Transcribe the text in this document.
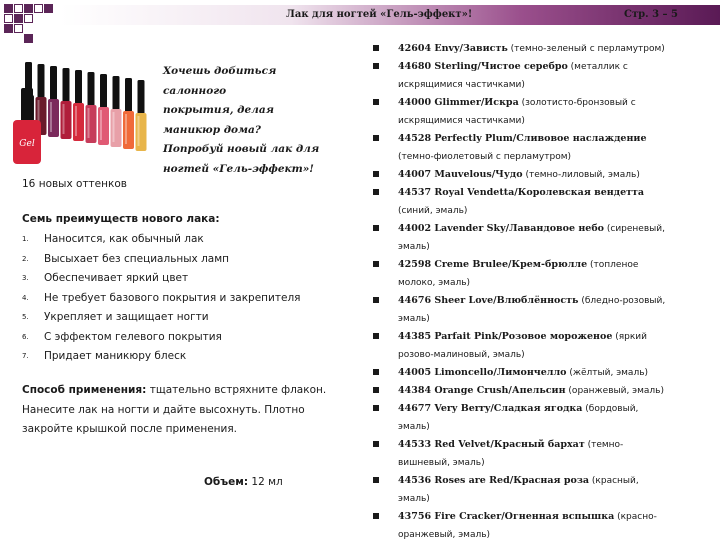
Лак для ногтей «Гель-эффект»!	Стр. 3 – 5
Gel
Хочешь добиться салонного
покрытия, делая
маникюр дома?
Попробуй новый лак для
ногтей «Гель-эффект»!
16 новых оттенков
Семь преимуществ нового лака:
1. Наносится, как обычный лак
2. Высыхает без специальных ламп
3. Обеспечивает яркий цвет
4. Не требует базового покрытия и закрепителя
5. Укрепляет и защищает ногти
6. С эффектом гелевого покрытия
7. Придает маникюру блеск
Способ применения: тщательно встряхните флакон. Нанесите лак на ногти и дайте высохнуть. Плотно закройте крышкой после применения.
Объем: 12 мл
42604 Envy/Зависть (темно-зеленый с перламутром)
44680 Sterling/Чистое серебро (металлик с искрящимися частичками)
44000 Glimmer/Искра (золотисто-бронзовый с искрящимися частичками)
44528 Perfectly Plum/Сливовое наслаждение (темно-фиолетовый с перламутром)
44007 Mauvelous/Чудо (темно-лиловый, эмаль)
44537 Royal Vendetta/Королевская вендетта (синий, эмаль)
44002 Lavender Sky/Лавандовое небо (сиреневый, эмаль)
42598 Creme Brulee/Крем-брюлле (топленое молоко, эмаль)
44676 Sheer Love/Влюблённость (бледно-розовый, эмаль)
44385 Parfait Pink/Розовое мороженое (яркий розово-малиновый, эмаль)
44005 Limoncello/Лимончелло (жёлтый, эмаль)
44384 Orange Crush/Апельсин (оранжевый, эмаль)
44677 Very Berry/Сладкая ягодка (бордовый, эмаль)
44533 Red Velvet/Красный бархат (темно-вишневый, эмаль)
44536 Roses are Red/Красная роза (красный, эмаль)
43756 Fire Cracker/Огненная вспышка (красно-оранжевый, эмаль)
